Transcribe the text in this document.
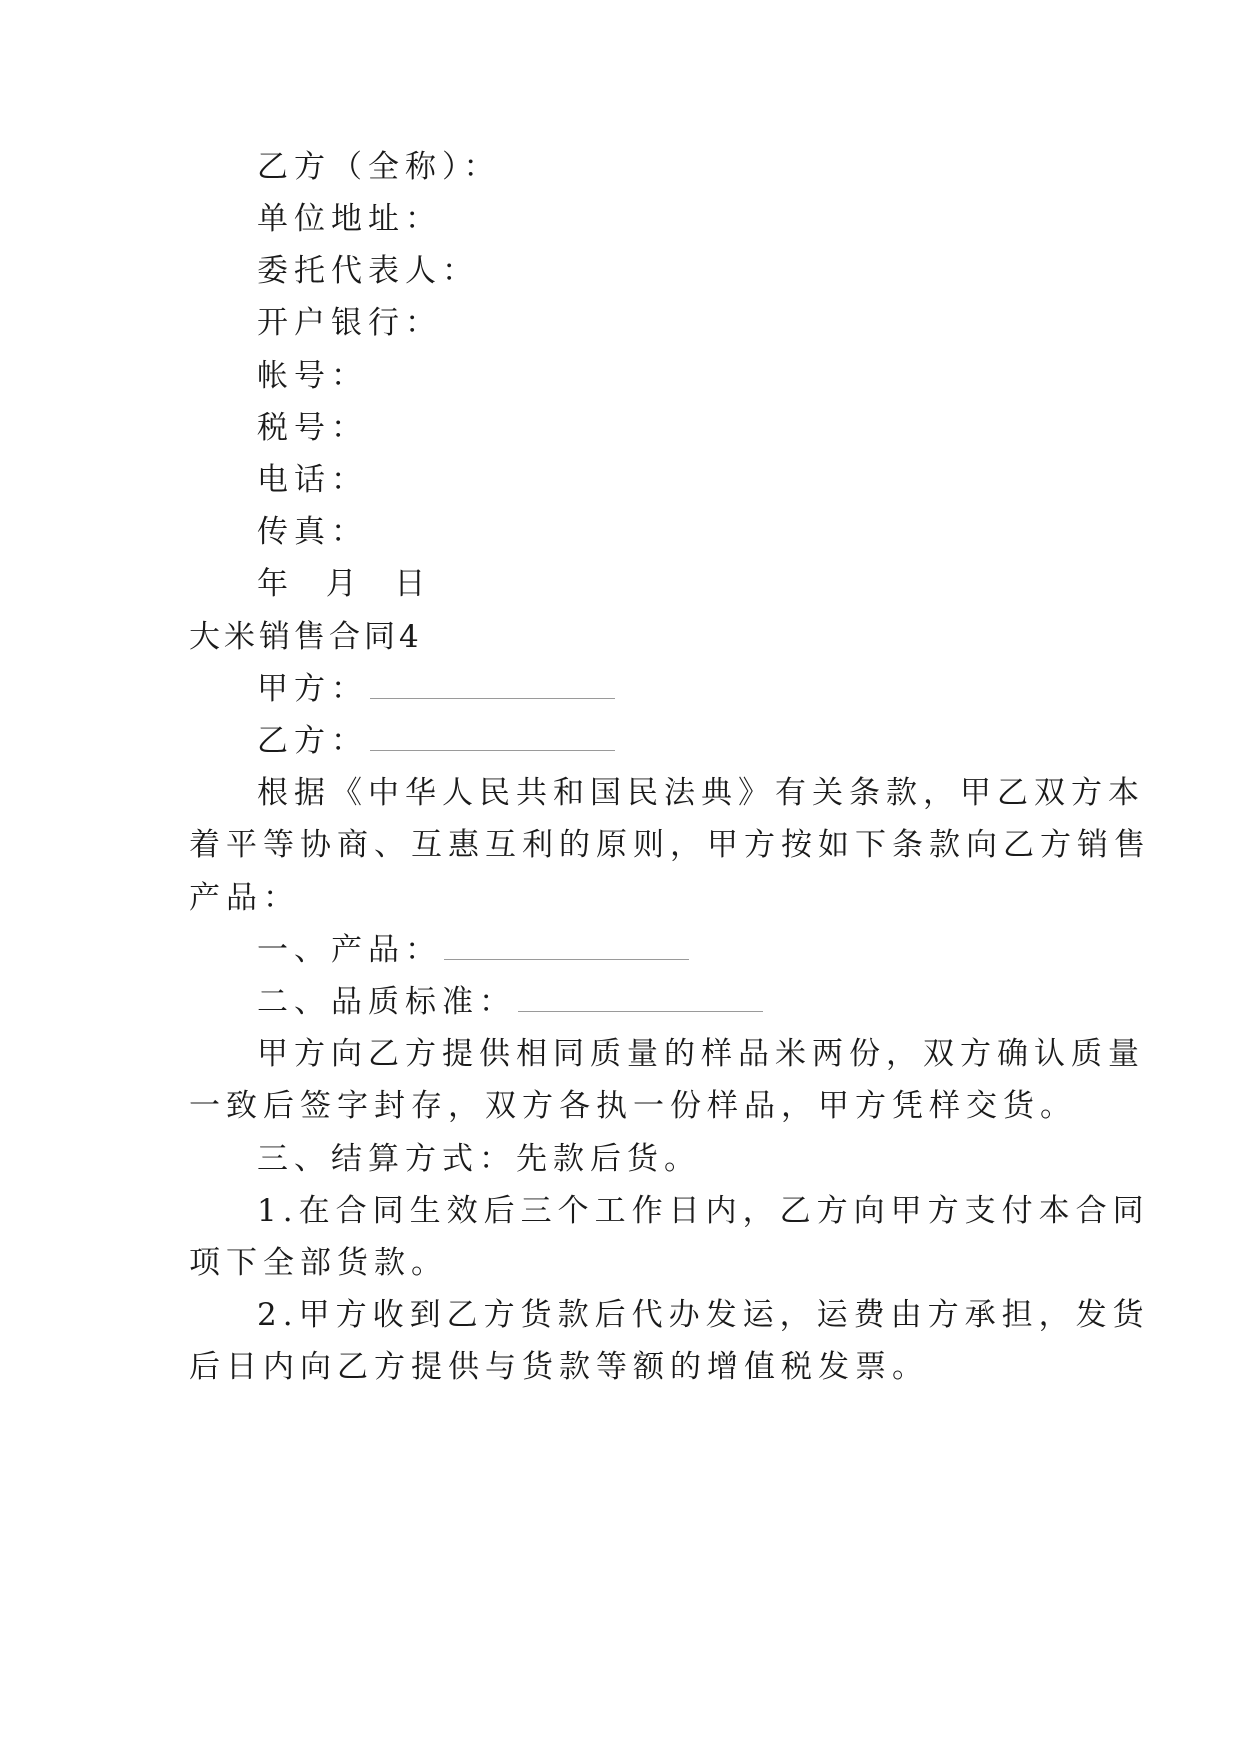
乙方（全称）：
单位地址：
委托代表人：
开户银行：
帐号：
税号：
电话：
传真：
年  月  日
大米销售合同4
甲方：
乙方：
根据《中华人民共和国民法典》有关条款，甲乙双方本
着平等协商、互惠互利的原则，甲方按如下条款向乙方销售
产品：
一、产品：
二、品质标准：
甲方向乙方提供相同质量的样品米两份，双方确认质量
一致后签字封存，双方各执一份样品，甲方凭样交货。
三、结算方式：先款后货。
1.在合同生效后三个工作日内，乙方向甲方支付本合同
项下全部货款。
2.甲方收到乙方货款后代办发运，运费由方承担，发货
后日内向乙方提供与货款等额的增值税发票。
